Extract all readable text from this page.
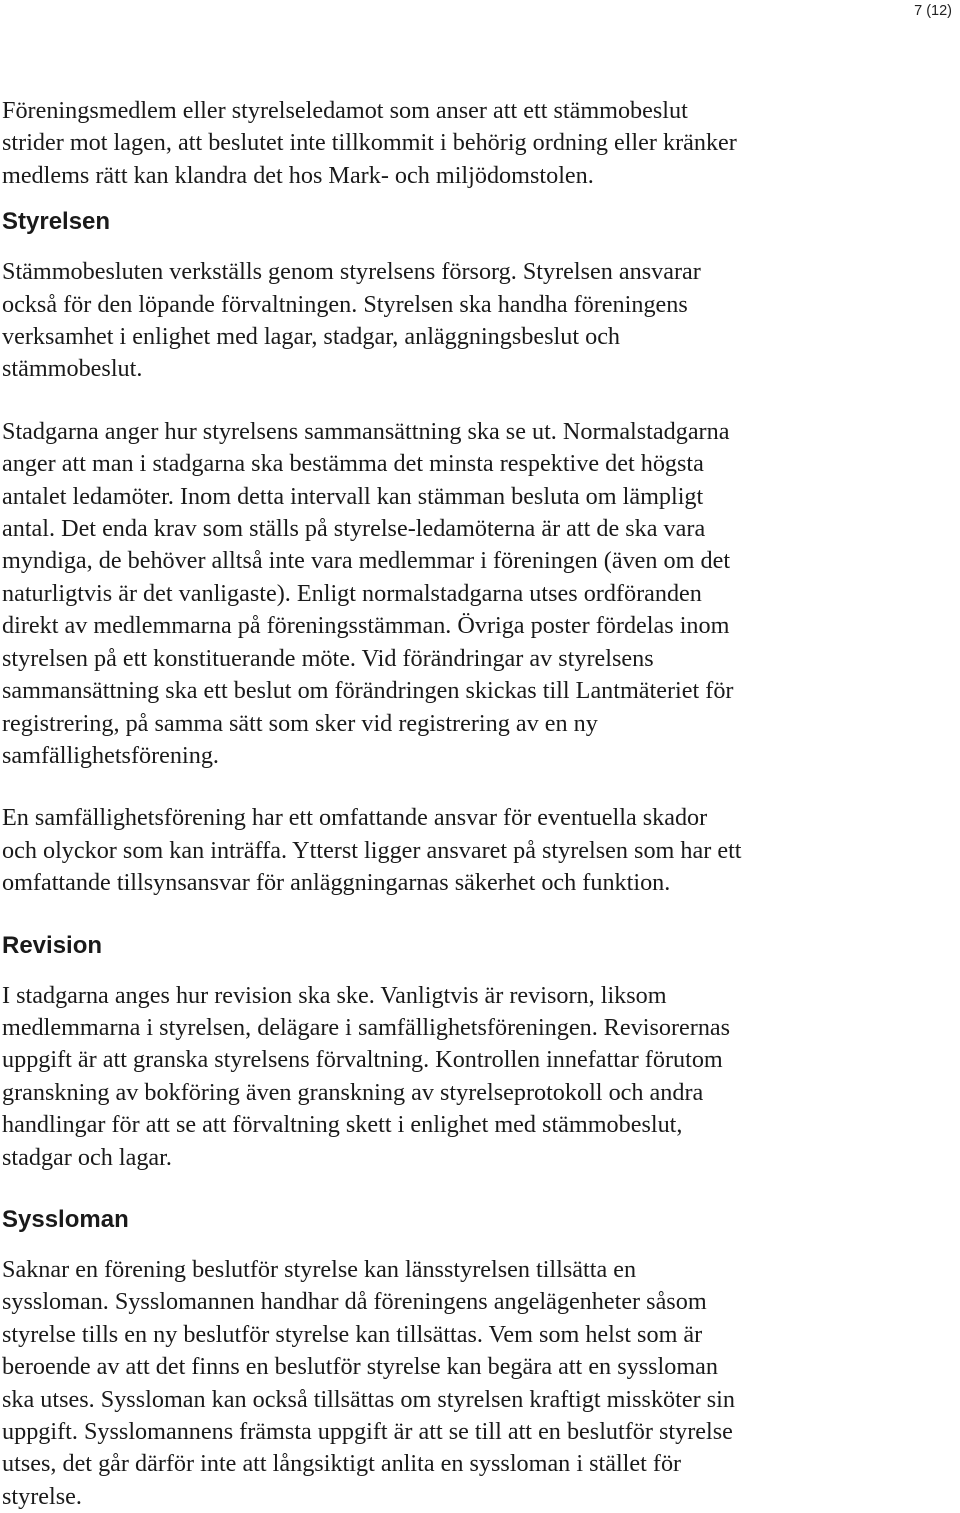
7 (12)

Föreningsmedlem eller styrelseledamot som anser att ett stämmobeslut
strider mot lagen, att beslutet inte tillkommit i behörig ordning eller kränker
medlems rätt kan klandra det hos Mark- och miljödomstolen.

Styrelsen

Stämmobesluten verkställs genom styrelsens försorg. Styrelsen ansvarar
också för den löpande förvaltningen. Styrelsen ska handha föreningens
verksamhet i enlighet med lagar, stadgar, anläggningsbeslut och
stämmobeslut.

Stadgarna anger hur styrelsens sammansättning ska se ut. Normalstadgarna
anger att man i stadgarna ska bestämma det minsta respektive det högsta
antalet ledamöter. Inom detta intervall kan stämman besluta om lämpligt
antal. Det enda krav som ställs på styrelse-ledamöterna är att de ska vara
myndiga, de behöver alltså inte vara medlemmar i föreningen (även om det
naturligtvis är det vanligaste). Enligt normalstadgarna utses ordföranden
direkt av medlemmarna på föreningsstämman. Övriga poster fördelas inom
styrelsen på ett konstituerande möte. Vid förändringar av styrelsens
sammansättning ska ett beslut om förändringen skickas till Lantmäteriet för
registrering, på samma sätt som sker vid registrering av en ny
samfällighetsförening.

En samfällighetsförening har ett omfattande ansvar för eventuella skador
och olyckor som kan inträffa. Ytterst ligger ansvaret på styrelsen som har ett
omfattande tillsynsansvar för anläggningarnas säkerhet och funktion.

Revision

I stadgarna anges hur revision ska ske. Vanligtvis är revisorn, liksom
medlemmarna i styrelsen, delägare i samfällighetsföreningen. Revisorernas
uppgift är att granska styrelsens förvaltning. Kontrollen innefattar förutom
granskning av bokföring även granskning av styrelseprotokoll och andra
handlingar för att se att förvaltning skett i enlighet med stämmobeslut,
stadgar och lagar.

Syssloman

Saknar en förening beslutför styrelse kan länsstyrelsen tillsätta en
syssloman. Sysslomannen handhar då föreningens angelägenheter såsom
styrelse tills en ny beslutför styrelse kan tillsättas. Vem som helst som är
beroende av att det finns en beslutför styrelse kan begära att en syssloman
ska utses. Syssloman kan också tillsättas om styrelsen kraftigt missköter sin
uppgift. Sysslomannens främsta uppgift är att se till att en beslutför styrelse
utses, det går därför inte att långsiktigt anlita en syssloman i stället för
styrelse.
